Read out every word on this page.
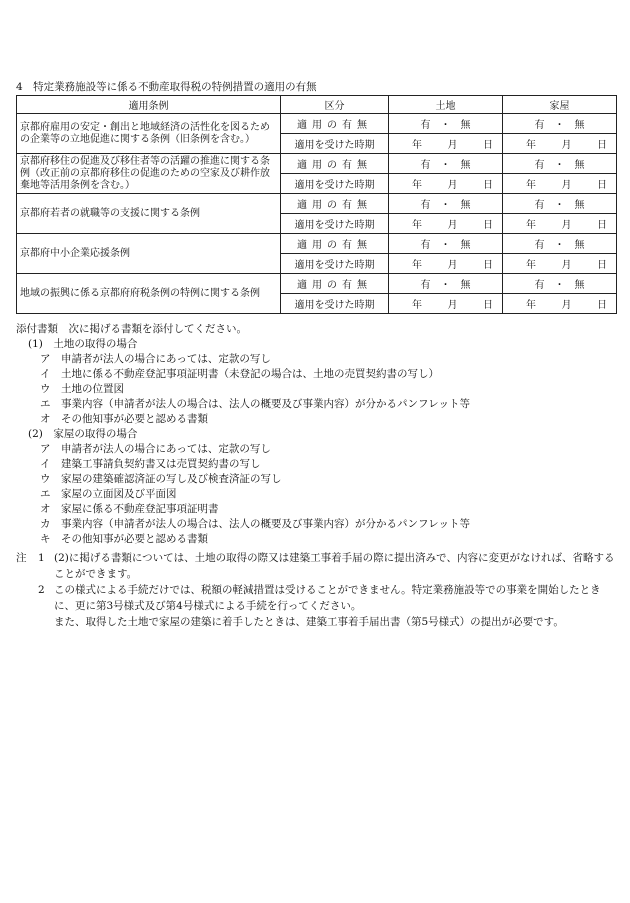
4　特定業務施設等に係る不動産取得税の特例措置の適用の有無
適用条例	区分	土地	家屋
京都府雇用の安定・創出と地域経済の活性化を図るための企業等の立地促進に関する条例（旧条例を含む。）	適用の有無	有　 ・　 無	有　 ・　 無
	適用を受けた時期	年 月 日	年 月 日

京都府移住の促進及び移住者等の活躍の推進に関する条例（改正前の京都府移住の促進のための空家及び耕作放棄地等活用条例を含む。）	適用の有無	有　 ・　 無	有　 ・　 無
	適用を受けた時期	年 月 日	年 月 日

京都府若者の就職等の支援に関する条例	適用の有無	有　 ・　 無	有　 ・　 無
	適用を受けた時期	年 月 日	年 月 日

京都府中小企業応援条例	適用の有無	有　 ・　 無	有　 ・　 無
	適用を受けた時期	年 月 日	年 月 日

地域の振興に係る京都府府税条例の特例に関する条例	適用の有無	有　 ・　 無	有　 ・　 無
	適用を受けた時期	年 月 日	年 月 日
添付書類　次に掲げる書類を添付してください。
(1)　土地の取得の場合
ア　申請者が法人の場合にあっては、定款の写し
イ　土地に係る不動産登記事項証明書（未登記の場合は、土地の売買契約書の写し）
ウ　土地の位置図
エ　事業内容（申請者が法人の場合は、法人の概要及び事業内容）が分かるパンフレット等
オ　その他知事が必要と認める書類
(2)　家屋の取得の場合
ア　申請者が法人の場合にあっては、定款の写し
イ　建築工事請負契約書又は売買契約書の写し
ウ　家屋の建築確認済証の写し及び検査済証の写し
エ　家屋の立面図及び平面図
オ　家屋に係る不動産登記事項証明書
カ　事業内容（申請者が法人の場合は、法人の概要及び事業内容）が分かるパンフレット等
キ　その他知事が必要と認める書類
注	1 (2)に掲げる書類については、土地の取得の際又は建築工事着手届の際に提出済みで、内容に変更がなければ、省略することができます。
2 この様式による手続だけでは、税額の軽減措置は受けることができません。特定業務施設等での事業を開始したときに、更に第3号様式及び第4号様式による手続を行ってください。
また、取得した土地で家屋の建築に着手したときは、建築工事着手届出書（第5号様式）の提出が必要です。
